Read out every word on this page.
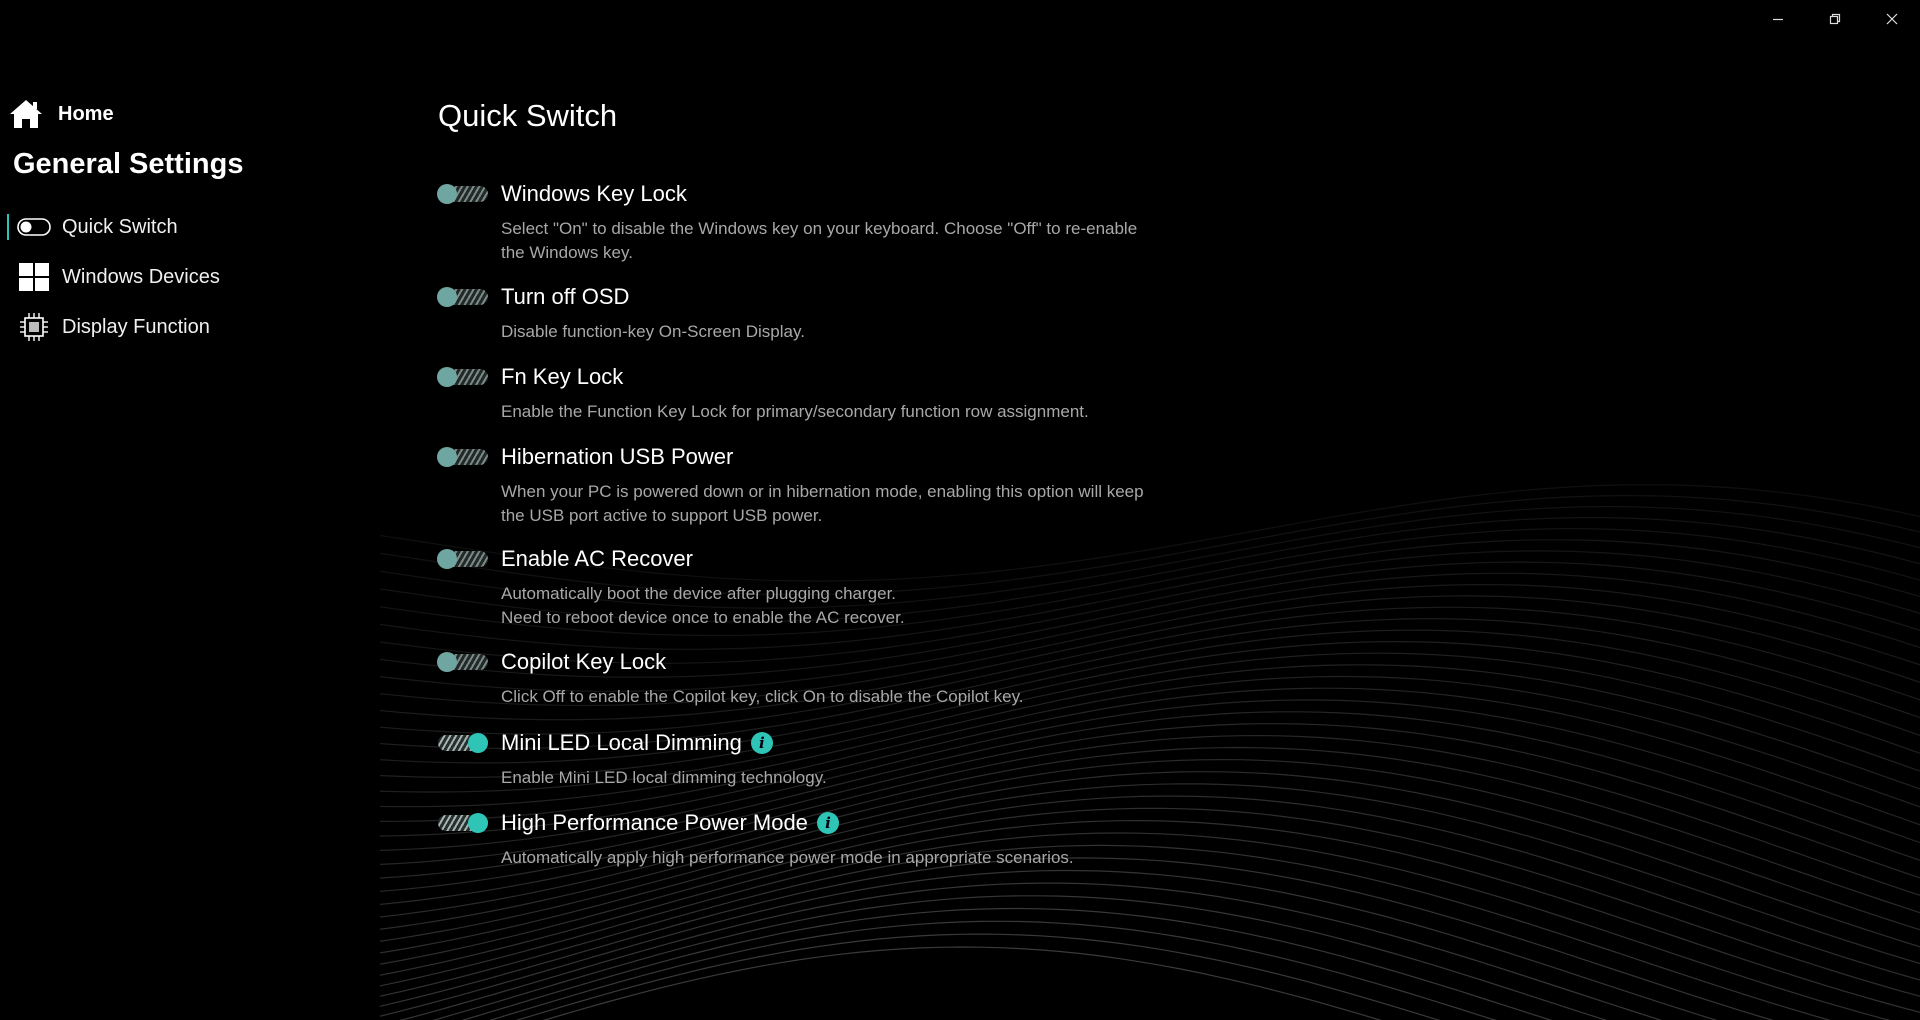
Home
General Settings
Quick Switch
Windows Devices
Display Function
Quick Switch
Windows Key Lock
Select "On" to disable the Windows key on your keyboard. Choose "Off" to re-enable
the Windows key.
Turn off OSD
Disable function-key On-Screen Display.
Fn Key Lock
Enable the Function Key Lock for primary/secondary function row assignment.
Hibernation USB Power
When your PC is powered down or in hibernation mode, enabling this option will keep
the USB port active to support USB power.
Enable AC Recover
Automatically boot the device after plugging charger.
Need to reboot device once to enable the AC recover.
Copilot Key Lock
Click Off to enable the Copilot key, click On to disable the Copilot key.
Mini LED Local Dimming	i
Enable Mini LED local dimming technology.
High Performance Power Mode	i
Automatically apply high performance power mode in appropriate scenarios.
